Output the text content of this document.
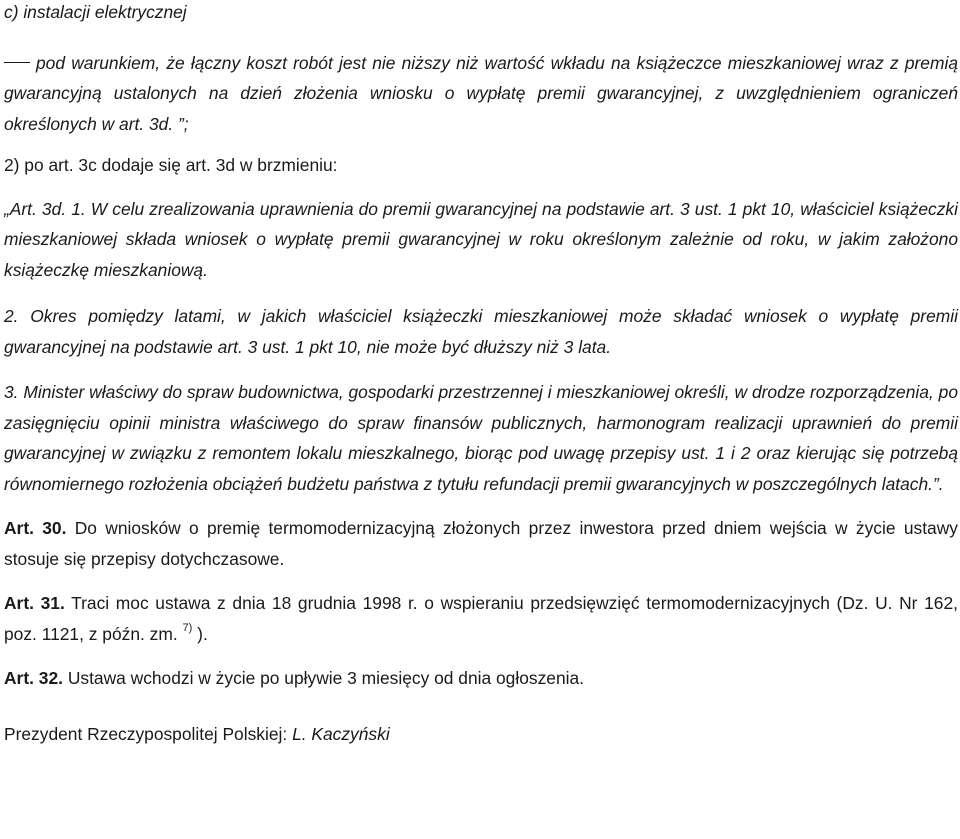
c) instalacji elektrycznej

pod warunkiem, że łączny koszt robót jest nie niższy niż wartość wkładu na książeczce mieszkaniowej wraz z premią gwarancyjną ustalonych na dzień złożenia wniosku o wypłatę premii gwarancyjnej, z uwzględnieniem ograniczeń określonych w art. 3d. ”;

2) po art. 3c dodaje się art. 3d w brzmieniu:

„Art. 3d. 1. W celu zrealizowania uprawnienia do premii gwarancyjnej na podstawie art. 3 ust. 1 pkt 10, właściciel książeczki mieszkaniowej składa wniosek o wypłatę premii gwarancyjnej w roku określonym zależnie od roku, w jakim założono książeczkę mieszkaniową.

2. Okres pomiędzy latami, w jakich właściciel książeczki mieszkaniowej może składać wniosek o wypłatę premii gwarancyjnej na podstawie art. 3 ust. 1 pkt 10, nie może być dłuższy niż 3 lata.

3. Minister właściwy do spraw budownictwa, gospodarki przestrzennej i mieszkaniowej określi, w drodze rozporządzenia, po zasięgnięciu opinii ministra właściwego do spraw finansów publicznych, harmonogram realizacji uprawnień do premii gwarancyjnej w związku z remontem lokalu mieszkalnego, biorąc pod uwagę przepisy ust. 1 i 2 oraz kierując się potrzebą równomiernego rozłożenia obciążeń budżetu państwa z tytułu refundacji premii gwarancyjnych w poszczególnych latach.”.

Art. 30. Do wniosków o premię termomodernizacyjną złożonych przez inwestora przed dniem wejścia w życie ustawy stosuje się przepisy dotychczasowe.

Art. 31. Traci moc ustawa z dnia 18 grudnia 1998 r. o wspieraniu przedsięwzięć termomodernizacyjnych (Dz. U. Nr 162, poz. 1121, z późn. zm. $^{7)}$ ).

Art. 32. Ustawa wchodzi w życie po upływie 3 miesięcy od dnia ogłoszenia.

Prezydent Rzeczypospolitej Polskiej: L. Kaczyński
